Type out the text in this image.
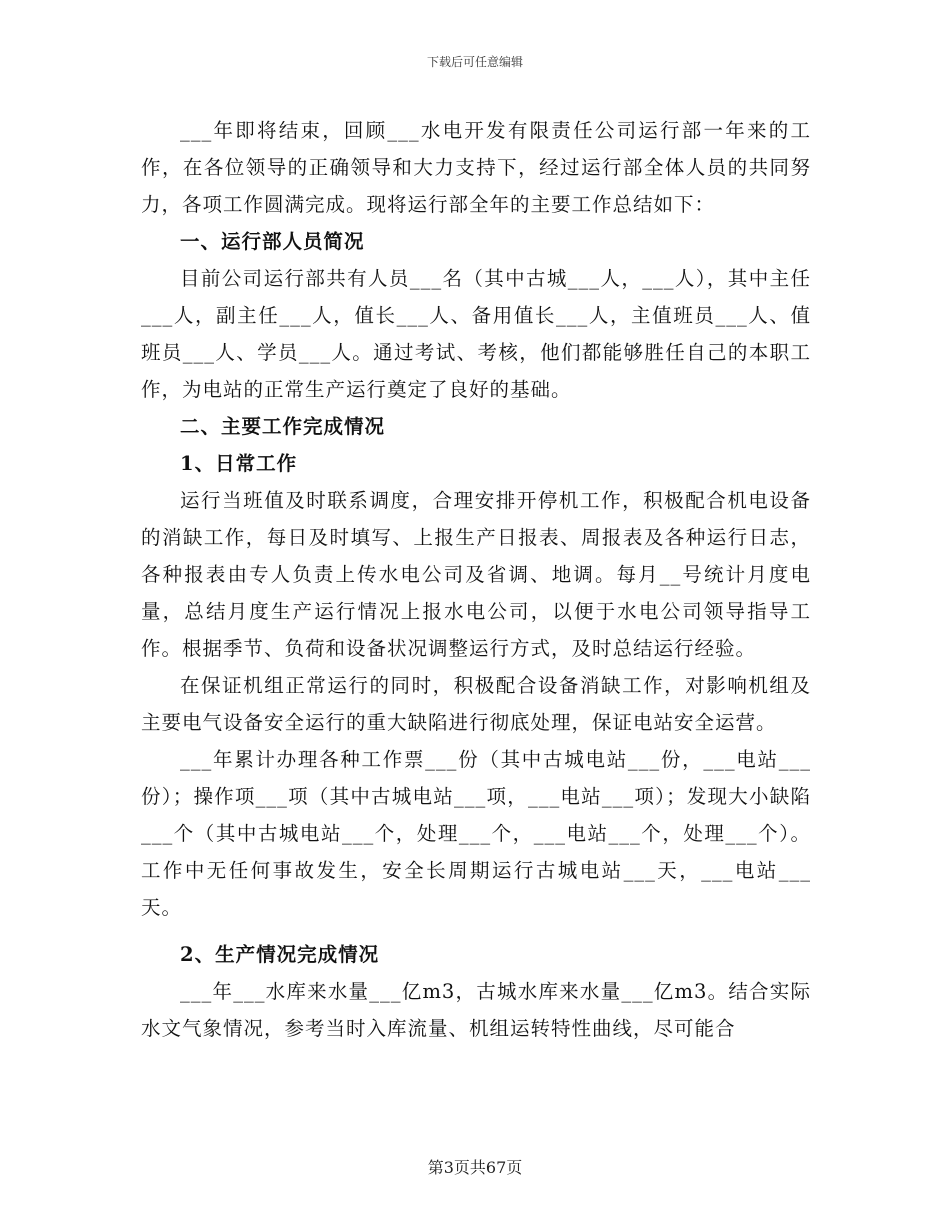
下载后可任意编辑

___年即将结束，回顾___水电开发有限责任公司运行部一年来的工作，在各位领导的正确领导和大力支持下，经过运行部全体人员的共同努力，各项工作圆满完成。现将运行部全年的主要工作总结如下：

一、运行部人员简况

目前公司运行部共有人员___名（其中古城___人，___人），其中主任___人，副主任___人，值长___人、备用值长___人，主值班员___人、值班员___人、学员___人。通过考试、考核，他们都能够胜任自己的本职工作，为电站的正常生产运行奠定了良好的基础。

二、主要工作完成情况

1、日常工作

运行当班值及时联系调度，合理安排开停机工作，积极配合机电设备的消缺工作，每日及时填写、上报生产日报表、周报表及各种运行日志，各种报表由专人负责上传水电公司及省调、地调。每月__号统计月度电量，总结月度生产运行情况上报水电公司，以便于水电公司领导指导工作。根据季节、负荷和设备状况调整运行方式，及时总结运行经验。

在保证机组正常运行的同时，积极配合设备消缺工作，对影响机组及主要电气设备安全运行的重大缺陷进行彻底处理，保证电站安全运营。

___年累计办理各种工作票___份（其中古城电站___份，___电站___份）；操作项___项（其中古城电站___项，___电站___项）；发现大小缺陷___个（其中古城电站___个，处理___个，___电站___个，处理___个）。工作中无任何事故发生，安全长周期运行古城电站___天，___电站___天。

2、生产情况完成情况

___年___水库来水量___亿m3，古城水库来水量___亿m3。结合实际水文气象情况，参考当时入库流量、机组运转特性曲线，尽可能合

第3页共67页
